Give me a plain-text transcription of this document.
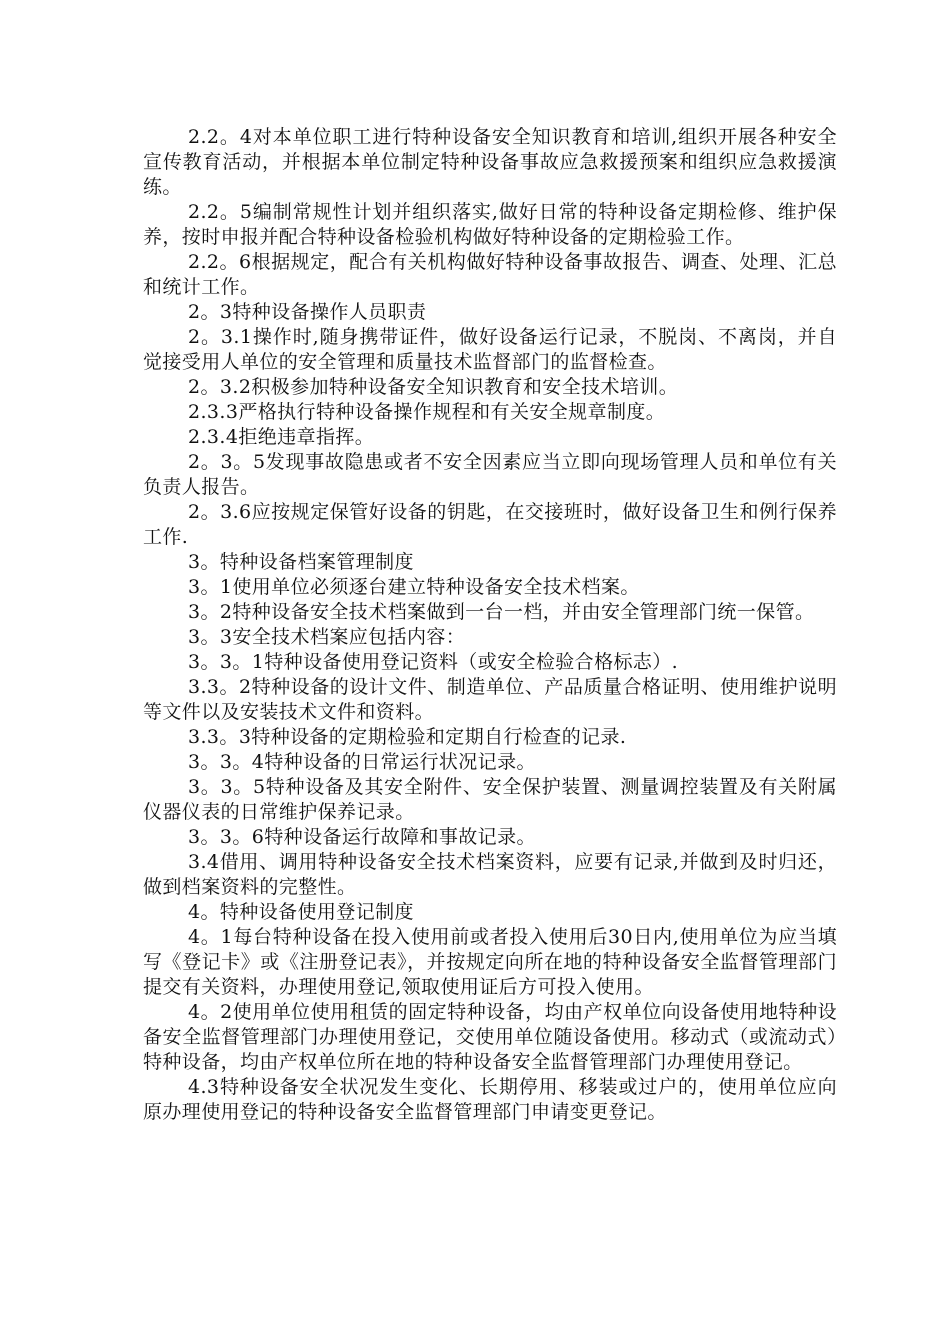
2.2。4对本单位职工进行特种设备安全知识教育和培训,组织开展各种安全宣传教育活动，并根据本单位制定特种设备事故应急救援预案和组织应急救援演练。

2.2。5编制常规性计划并组织落实,做好日常的特种设备定期检修、维护保养，按时申报并配合特种设备检验机构做好特种设备的定期检验工作。

2.2。6根据规定，配合有关机构做好特种设备事故报告、调查、处理、汇总和统计工作。

2。3特种设备操作人员职责

2。3.1操作时,随身携带证件，做好设备运行记录，不脱岗、不离岗，并自觉接受用人单位的安全管理和质量技术监督部门的监督检查。

2。3.2积极参加特种设备安全知识教育和安全技术培训。

2.3.3严格执行特种设备操作规程和有关安全规章制度。

2.3.4拒绝违章指挥。

2。3。5发现事故隐患或者不安全因素应当立即向现场管理人员和单位有关负责人报告。

2。3.6应按规定保管好设备的钥匙，在交接班时，做好设备卫生和例行保养工作.

3。特种设备档案管理制度

3。1使用单位必须逐台建立特种设备安全技术档案。

3。2特种设备安全技术档案做到一台一档，并由安全管理部门统一保管。

3。3安全技术档案应包括内容：

3。3。1特种设备使用登记资料（或安全检验合格标志）.

3.3。2特种设备的设计文件、制造单位、产品质量合格证明、使用维护说明等文件以及安装技术文件和资料。

3.3。3特种设备的定期检验和定期自行检查的记录.

3。3。4特种设备的日常运行状况记录。

3。3。5特种设备及其安全附件、安全保护装置、测量调控装置及有关附属仪器仪表的日常维护保养记录。

3。3。6特种设备运行故障和事故记录。

3.4借用、调用特种设备安全技术档案资料，应要有记录,并做到及时归还，做到档案资料的完整性。

4。特种设备使用登记制度

4。1每台特种设备在投入使用前或者投入使用后30日内,使用单位为应当填写《登记卡》或《注册登记表》，并按规定向所在地的特种设备安全监督管理部门提交有关资料，办理使用登记,领取使用证后方可投入使用。

4。2使用单位使用租赁的固定特种设备，均由产权单位向设备使用地特种设备安全监督管理部门办理使用登记，交使用单位随设备使用。移动式（或流动式）特种设备，均由产权单位所在地的特种设备安全监督管理部门办理使用登记。

4.3特种设备安全状况发生变化、长期停用、移装或过户的，使用单位应向原办理使用登记的特种设备安全监督管理部门申请变更登记。
